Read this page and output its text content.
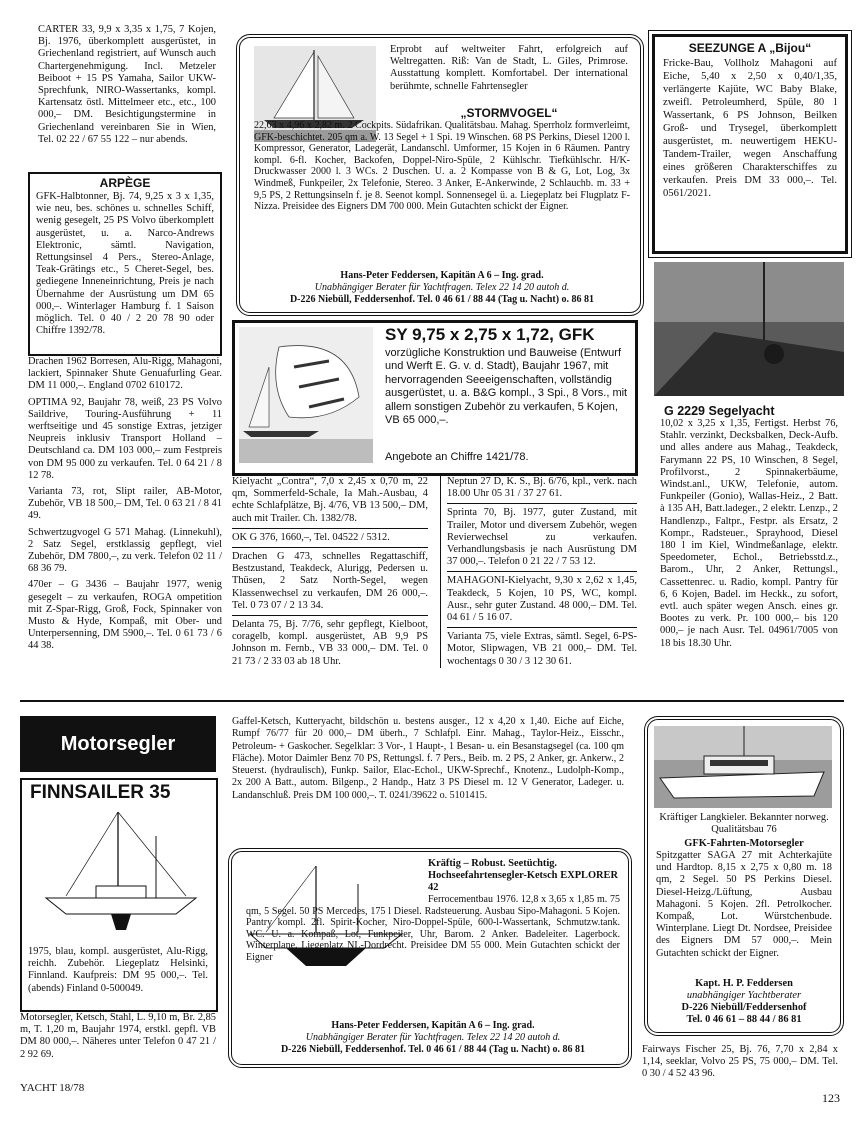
CARTER 33, 9,9 x 3,35 x 1,75, 7 Kojen, Bj. 1976, überkomplett ausgerüstet, in Griechenland registriert, auf Wunsch auch Chartergenehmigung. Incl. Metzeler Beiboot + 15 PS Yamaha, Sailor UKW-Sprechfunk, NIRO-Wassertanks, kompl. Kartensatz östl. Mittelmeer etc., etc., 100 000,– DM. Besichtigungstermine in Griechenland vereinbaren Sie in Wien, Tel. 02 22 / 67 55 122 – nur abends.
ARPÈGE
GFK-Halbtonner, Bj. 74, 9,25 x 3 x 1,35, wie neu, bes. schönes u. schnelles Schiff, wenig gesegelt, 25 PS Volvo überkomplett ausgerüstet, u. a. Narco-Andrews Elektronic, sämtl. Navigation, Rettungsinsel 4 Pers., Stereo-Anlage, Teak-Grätings etc., 5 Cheret-Segel, bes. gediegene Inneneinrichtung, Preis je nach Übernahme der Ausrüstung um DM 65 000,–. Winterlager Hamburg f. 1 Saison möglich. Tel. 0 40 / 2 20 78 90 oder Chiffre 1392/78.
Drachen 1962 Borresen, Alu-Rigg, Mahagoni, lackiert, Spinnaker Shute Genuafurling Gear. DM 11 000,–. England 0702 610172.
OPTIMA 92, Baujahr 78, weiß, 23 PS Volvo Saildrive, Touring-Ausführung + 11 werftseitige und 45 sonstige Extras, jetziger Neupreis inklusiv Transport Holland – Deutschland ca. DM 103 000,– zum Festpreis von DM 95 000 zu verkaufen. Tel. 0 64 21 / 8 12 78.
Varianta 73, rot, Slipt railer, AB-Motor, Zubehör, VB 18 500,– DM, Tel. 0 63 21 / 8 41 49.
Schwertzugvogel G 571 Mahag. (Linnekuhl), 2 Satz Segel, erstklassig gepflegt, viel Zubehör, DM 7800,–, zu verk. Telefon 02 11 / 68 36 79.
470er – G 3436 – Baujahr 1977, wenig gesegelt – zu verkaufen, ROGA ompetition mit Z-Spar-Rigg, Groß, Fock, Spinnaker von Musto & Hyde, Kompaß, mit Ober- und Unterpersenning, DM 5900,–. Tel. 0 61 73 / 6 44 38.
Erprobt auf weltweiter Fahrt, erfolgreich auf Weltregatten. Riß: Van de Stadt, L. Giles, Primrose. Ausstattung komplett. Komfortabel. Der international berühmte, schnelle Fahrtensegler
„STORMVOGEL“
22,63 x 4,96 x 2,82 m. 2 Cockpits. Südafrikan. Qualitätsbau. Mahag. Sperrholz formverleimt, GFK-beschichtet. 205 qm a. W. 13 Segel + 1 Spi. 19 Winschen. 68 PS Perkins, Diesel 1200 l. Kompressor, Generator, Ladegerät, Landanschl. Umformer, 15 Kojen in 6 Räumen. Pantry kompl. 6-fl. Kocher, Backofen, Doppel-Niro-Spüle, 2 Kühlschr. Tiefkühlschr. H/K-Druckwasser 2000 l. 3 WCs. 2 Duschen. U. a. 2 Kompasse von B & G, Lot, Log, 3x Windmeß, Funkpeiler, 2x Telefonie, Stereo. 3 Anker, E-Ankerwinde, 2 Schlauchb. m. 33 + 9,5 PS, 2 Rettungsinseln f. je 8. Seenot kompl. Sonnensegel ü. a. Liegeplatz bei Flugplatz F-Nizza. Preisidee des Eigners DM 700 000. Mein Gutachten schickt der Eigner.
Hans-Peter Feddersen, Kapitän A 6 – Ing. grad.
Unabhängiger Berater für Yachtfragen. Telex 22 14 20 autoh d.
D-226 Niebüll, Feddersenhof. Tel. 0 46 61 / 88 44 (Tag u. Nacht) o. 86 81
SEEZUNGE A „Bijou“
Fricke-Bau, Vollholz Mahagoni auf Eiche, 5,40 x 2,50 x 0,40/1,35, verlängerte Kajüte, WC Baby Blake, zweifl. Petroleumherd, Spüle, 80 l Wassertank, 6 PS Johnson, Beilken Groß- und Trysegel, überkomplett ausgerüstet, m. neuwertigem HEKU-Tandem-Trailer, wegen Anschaffung eines größeren Charakterschiffes zu verkaufen. Preis DM 33 000,–. Tel. 0561/2021.
SY 9,75 x 2,75 x 1,72, GFK
vorzügliche Konstruktion und Bauweise (Entwurf und Werft E. G. v. d. Stadt), Baujahr 1967, mit hervorragenden Seeeigenschaften, vollständig ausgerüstet, u. a. B&G kompl., 3 Spi., 8 Vors., mit allem sonstigen Zubehör zu verkaufen, 5 Kojen, VB 65 000,–.
Angebote an Chiffre 1421/78.
G 2229 Segelyacht
10,02 x 3,25 x 1,35, Fertigst. Herbst 76, Stahlr. verzinkt, Decksbalken, Deck-Aufb. und alles andere aus Mahag., Teakdeck, Farymann 22 PS, 10 Winschen, 8 Segel, Profilvorst., 2 Spinnakerbäume, Windst.anl., UKW, Telefonie, autom. Funkpeiler (Gonio), Wallas-Heiz., 2 Batt. à 135 AH, Batt.ladeger., 2 elektr. Lenzp., 2 Handlenzp., Faltpr., Festpr. als Ersatz, 2 Kompr., Radsteuer., Sprayhood, Diesel 180 l im Kiel, Windmeßanlage, elektr. Speedometer, Echol., Betriebsstd.z., Barom., Uhr, 2 Anker, Rettungsl., Cassettenrec. u. Radio, kompl. Pantry für 6, 6 Kojen, Badel. im Heckk., zu sofort, evtl. auch später wegen Ansch. eines gr. Bootes zu verk. Pr. 100 000,– bis 120 000,– je nach Ausr. Tel. 04961/7005 von 18 bis 18.30 Uhr.
Kielyacht „Contra“, 7,0 x 2,45 x 0,70 m, 22 qm, Sommerfeld-Schale, Ia Mah.-Ausbau, 4 echte Schlafplätze, Bj. 4/76, VB 13 500,– DM, auch mit Trailer. Ch. 1382/78.
OK G 376, 1660,–, Tel. 04522 / 5312.
Drachen G 473, schnelles Regattaschiff, Bestzustand, Teakdeck, Alurigg, Pedersen u. Thüsen, 2 Satz North-Segel, wegen Klassenwechsel zu verkaufen, DM 26 000,–. Tel. 0 73 07 / 2 13 34.
Delanta 75, Bj. 7/76, sehr gepflegt, Kielboot, coragelb, kompl. ausgerüstet, AB 9,9 PS Johnson m. Fernb., VB 33 000,– DM. Tel. 0 21 73 / 2 33 03 ab 18 Uhr.
Neptun 27 D, K. S., Bj. 6/76, kpl., verk. nach 18.00 Uhr 05 31 / 37 27 61.
Sprinta 70, Bj. 1977, guter Zustand, mit Trailer, Motor und diversem Zubehör, wegen Revierwechsel zu verkaufen. Verhandlungsbasis je nach Ausrüstung DM 37 000,–. Telefon 0 21 22 / 7 53 12.
MAHAGONI-Kielyacht, 9,30 x 2,62 x 1,45, Teakdeck, 5 Kojen, 10 PS, WC, kompl. Ausr., sehr guter Zustand. 48 000,– DM. Tel. 04 61 / 5 16 07.
Varianta 75, viele Extras, sämtl. Segel, 6-PS-Motor, Slipwagen, VB 21 000,– DM. Tel. wochentags 0 30 / 3 12 30 61.
Motorsegler
FINNSAILER 35
1975, blau, kompl. ausgerüstet, Alu-Rigg, reichh. Zubehör. Liegeplatz Helsinki, Finnland. Kaufpreis: DM 95 000,–. Tel. (abends) Finland 0-500049.
Motorsegler, Ketsch, Stahl, L. 9,10 m, Br. 2,85 m, T. 1,20 m, Baujahr 1974, erstkl. gepfl. VB DM 80 000,–. Näheres unter Telefon 0 47 21 / 2 92 69.
Gaffel-Ketsch, Kutteryacht, bildschön u. bestens ausger., 12 x 4,20 x 1,40. Eiche auf Eiche, Rumpf 76/77 für 20 000,– DM überh., 7 Schlafpl. Einr. Mahag., Taylor-Heiz., Eisschr., Petroleum- + Gaskocher. Segelklar: 3 Vor-, 1 Haupt-, 1 Besan- u. ein Besanstagsegel (ca. 100 qm Fläche). Motor Daimler Benz 70 PS, Rettungsl. f. 7 Pers., Beib. m. 2 PS, 2 Anker, gr. Ankerw., 2 Steuerst. (hydraulisch), Funkp. Sailor, Elac-Echol., UKW-Sprechf., Knotenz., Ludolph-Komp., 2x 200 A Batt., autom. Bilgenp., 2 Handp., Hatz 3 PS Diesel m. 12 V Generator, Ladeger. u. Landanschluß. Preis DM 100 000,–. T. 0241/39622 o. 5101415.
Kräftig – Robust. Seetüchtig.
Hochseefahrtensegler-Ketsch EXPLORER 42
Ferrocementbau 1976. 12,8 x 3,65 x 1,85 m. 75 qm, 5 Segel. 50 PS Mercedes, 175 l Diesel. Radsteuerung. Ausbau Sipo-Mahagoni. 5 Kojen. Pantry kompl. 2fl. Spirit-Kocher, Niro-Doppel-Spüle, 600-l-Wassertank, Schmutzw.tank. WC. U. a. Kompaß, Lot, Funkpeiler, Uhr, Barom. 2 Anker. Badeleiter. Lagerbock. Winterplane. Liegeplatz NL-Dordrecht. Preisidee DM 55 000. Mein Gutachten schickt der Eigner
Hans-Peter Feddersen, Kapitän A 6 – Ing. grad.
Unabhängiger Berater für Yachtfragen. Telex 22 14 20 autoh d.
D-226 Niebüll, Feddersenhof. Tel. 0 46 61 / 88 44 (Tag u. Nacht) o. 86 81
Kräftiger Langkieler. Bekannter norweg. Qualitätsbau 76
GFK-Fahrten-Motorsegler
Spitzgatter SAGA 27 mit Achterkajüte und Hardtop. 8,15 x 2,75 x 0,80 m. 18 qm, 2 Segel. 50 PS Perkins Diesel. Diesel-Heizg./Lüftung, Ausbau Mahagoni. 5 Kojen. 2fl. Petrolkocher. Kompaß, Lot. Würstchenbude. Winterplane. Liegt Dt. Nordsee, Preisidee des Eigners DM 57 000,–. Mein Gutachten schickt der Eigner.
Kapt. H. P. Feddersen
unabhängiger Yachtberater
D-226 Niebüll/Feddersenhof
Tel. 0 46 61 – 88 44 / 86 81
Fairways Fischer 25, Bj. 76, 7,70 x 2,84 x 1,14, seeklar, Volvo 25 PS, 75 000,– DM. Tel. 0 30 / 4 52 43 96.
YACHT 18/78
123
